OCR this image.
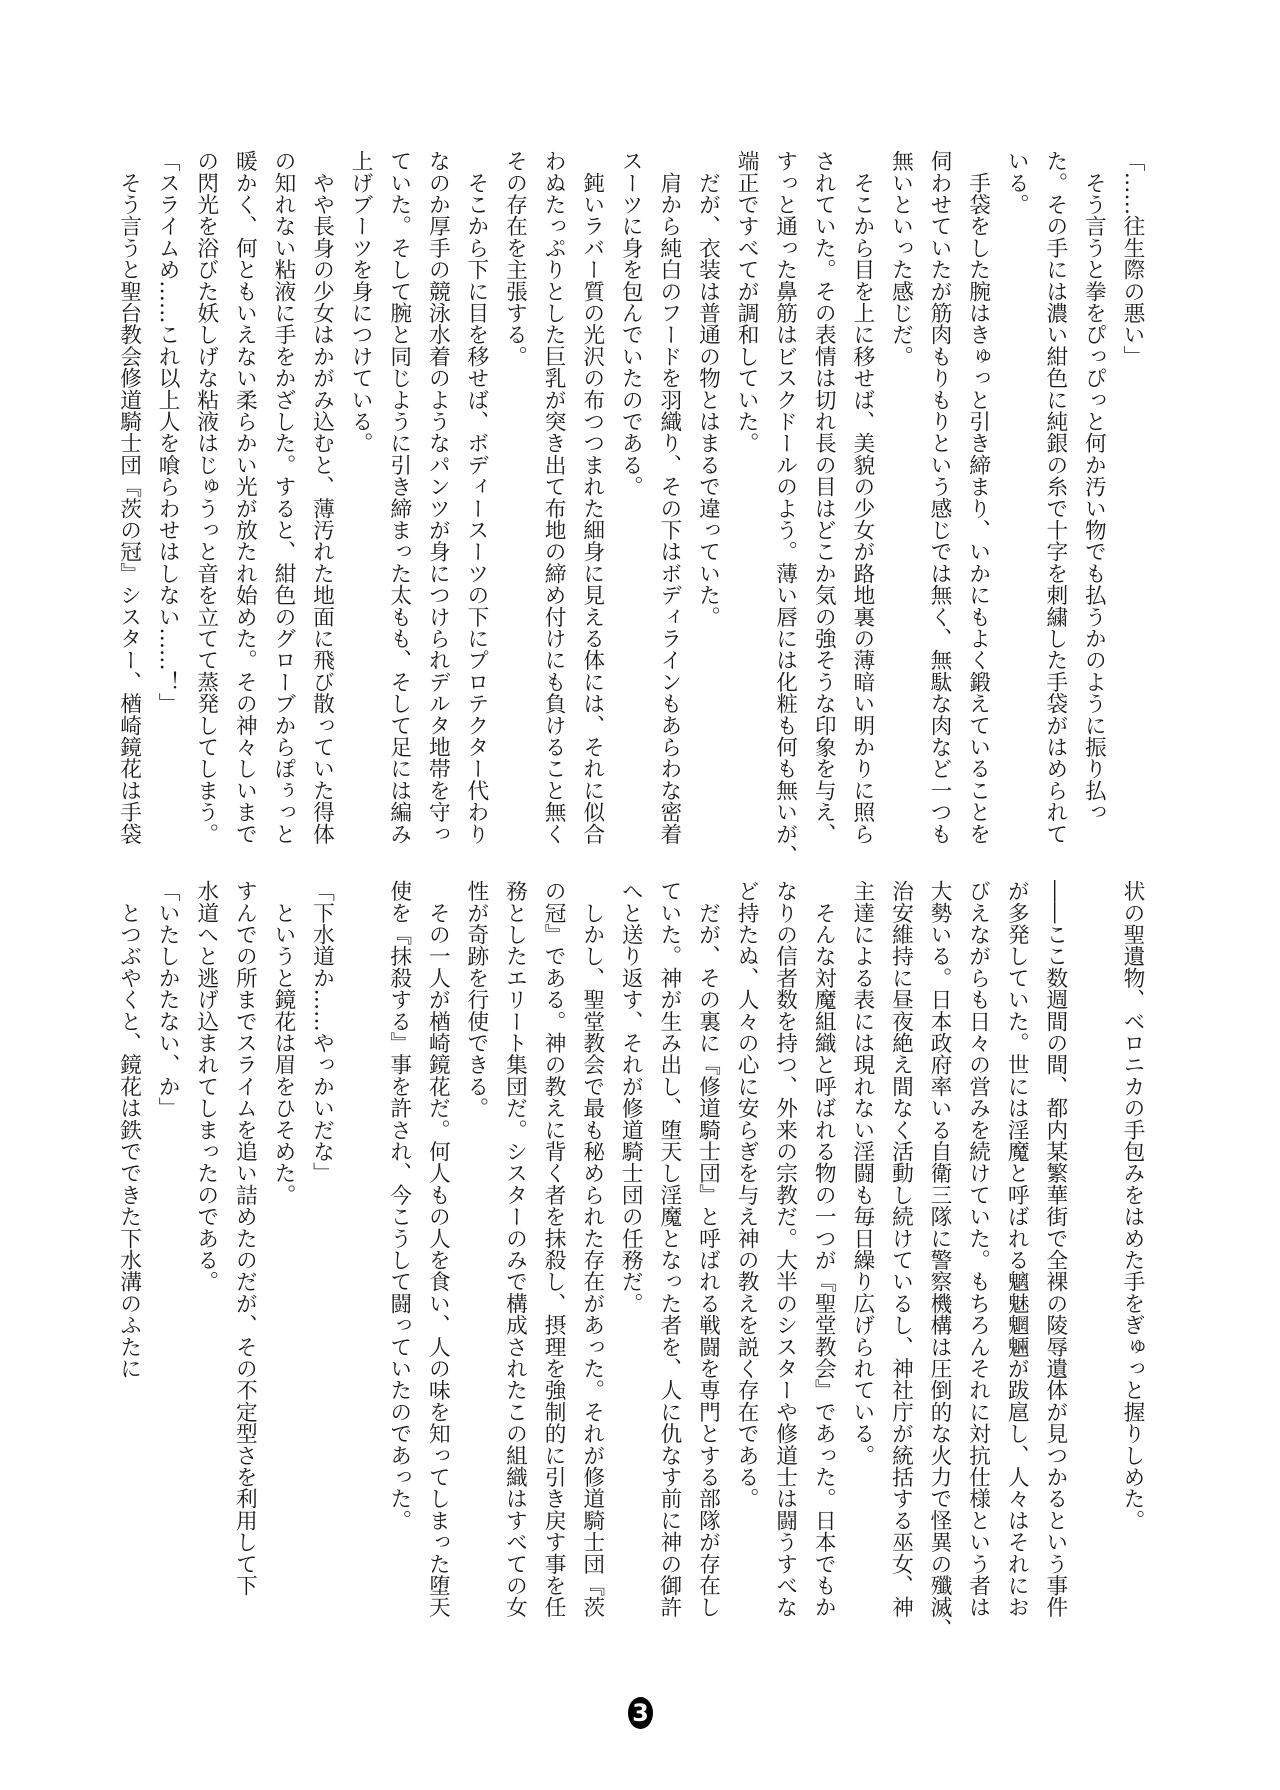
「……往生際の悪い」
　そう言うと拳をぴっぴっと何か汚い物でも払うかのように振り払っ
た。その手には濃い紺色に純銀の糸で十字を刺繍した手袋がはめられて
いる。
　手袋をした腕はきゅっと引き締まり、いかにもよく鍛えていることを
伺わせていたが筋肉もりもりという感じでは無く、無駄な肉など一つも
無いといった感じだ。
　そこから目を上に移せば、美貌の少女が路地裏の薄暗い明かりに照ら
されていた。その表情は切れ長の目はどこか気の強そうな印象を与え、
すっと通った鼻筋はビスクドールのよう。薄い唇には化粧も何も無いが、
端正ですべてが調和していた。
　だが、衣装は普通の物とはまるで違っていた。
　肩から純白のフードを羽織り、その下はボディラインもあらわな密着
スーツに身を包んでいたのである。
　鈍いラバー質の光沢の布つつまれた細身に見える体には、それに似合
わぬたっぷりとした巨乳が突き出て布地の締め付けにも負けること無く
その存在を主張する。
　そこから下に目を移せば、ボディースーツの下にプロテクター代わり
なのか厚手の競泳水着のようなパンツが身につけられデルタ地帯を守っ
ていた。そして腕と同じように引き締まった太もも、そして足には編み
上げブーツを身につけている。
　やや長身の少女はかがみ込むと、薄汚れた地面に飛び散っていた得体
の知れない粘液に手をかざした。すると、紺色のグローブからぽぅっと
暖かく、何ともいえない柔らかい光が放たれ始めた。その神々しいまで
の閃光を浴びた妖しげな粘液はじゅうっと音を立てて蒸発してしまう。
「スライムめ……これ以上人を喰らわせはしない……！」
　そう言うと聖台教会修道騎士団『茨の冠』シスター、楢崎鏡花は手袋
状の聖遺物、ベロニカの手包みをはめた手をぎゅっと握りしめた。
――ここ数週間の間、都内某繁華街で全裸の陵辱遺体が見つかるという事件
が多発していた。世には淫魔と呼ばれる魑魅魍魎が跋扈し、人々はそれにお
びえながらも日々の営みを続けていた。もちろんそれに対抗仕様という者は
大勢いる。日本政府率いる自衛三隊に警察機構は圧倒的な火力で怪異の殲滅、
治安維持に昼夜絶え間なく活動し続けているし、神社庁が統括する巫女、神
主達による表には現れない淫闘も毎日繰り広げられている。
　そんな対魔組織と呼ばれる物の一つが『聖堂教会』であった。日本でもか
なりの信者数を持つ、外来の宗教だ。大半のシスターや修道士は闘うすべな
ど持たぬ、人々の心に安らぎを与え神の教えを説く存在である。
　だが、その裏に『修道騎士団』と呼ばれる戦闘を専門とする部隊が存在し
ていた。神が生み出し、堕天し淫魔となった者を、人に仇なす前に神の御許
へと送り返す、それが修道騎士団の任務だ。
　しかし、聖堂教会で最も秘められた存在があった。それが修道騎士団『茨
の冠』である。神の教えに背く者を抹殺し、摂理を強制的に引き戻す事を任
務としたエリート集団だ。シスターのみで構成されたこの組織はすべての女
性が奇跡を行使できる。
　その一人が楢崎鏡花だ。何人もの人を食い、人の味を知ってしまった堕天
使を『抹殺する』事を許され、今こうして闘っていたのであった。
「下水道か……やっかいだな」
　というと鏡花は眉をひそめた。
すんでの所までスライムを追い詰めたのだが、その不定型さを利用して下
水道へと逃げ込まれてしまったのである。
「いたしかたない、か」
　とつぶやくと、鏡花は鉄でできた下水溝のふたに
3
